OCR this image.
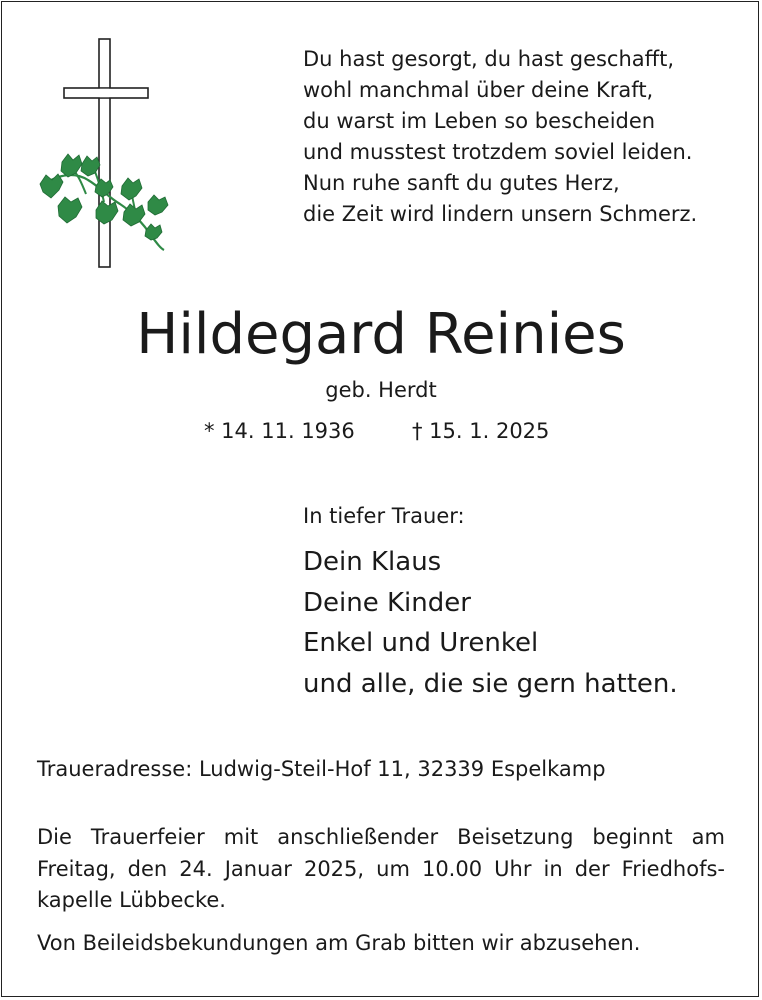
Du hast gesorgt, du hast geschafft,
wohl manchmal über deine Kraft,
du warst im Leben so bescheiden
und musstest trotzdem soviel leiden.
Nun ruhe sanft du gutes Herz,
die Zeit wird lindern unsern Schmerz.
Hildegard Reinies
geb. Herdt
* 14. 11. 1936	† 15. 1. 2025
In tiefer Trauer:
Dein Klaus
Deine Kinder
Enkel und Urenkel
und alle, die sie gern hatten.
Traueradresse: Ludwig-Steil-Hof 11, 32339 Espelkamp
Die Trauerfeier mit anschließender Beisetzung beginnt am Freitag, den 24. Januar 2025, um 10.00 Uhr in der Friedhofskapelle Lübbecke.
Von Beileidsbekundungen am Grab bitten wir abzusehen.
